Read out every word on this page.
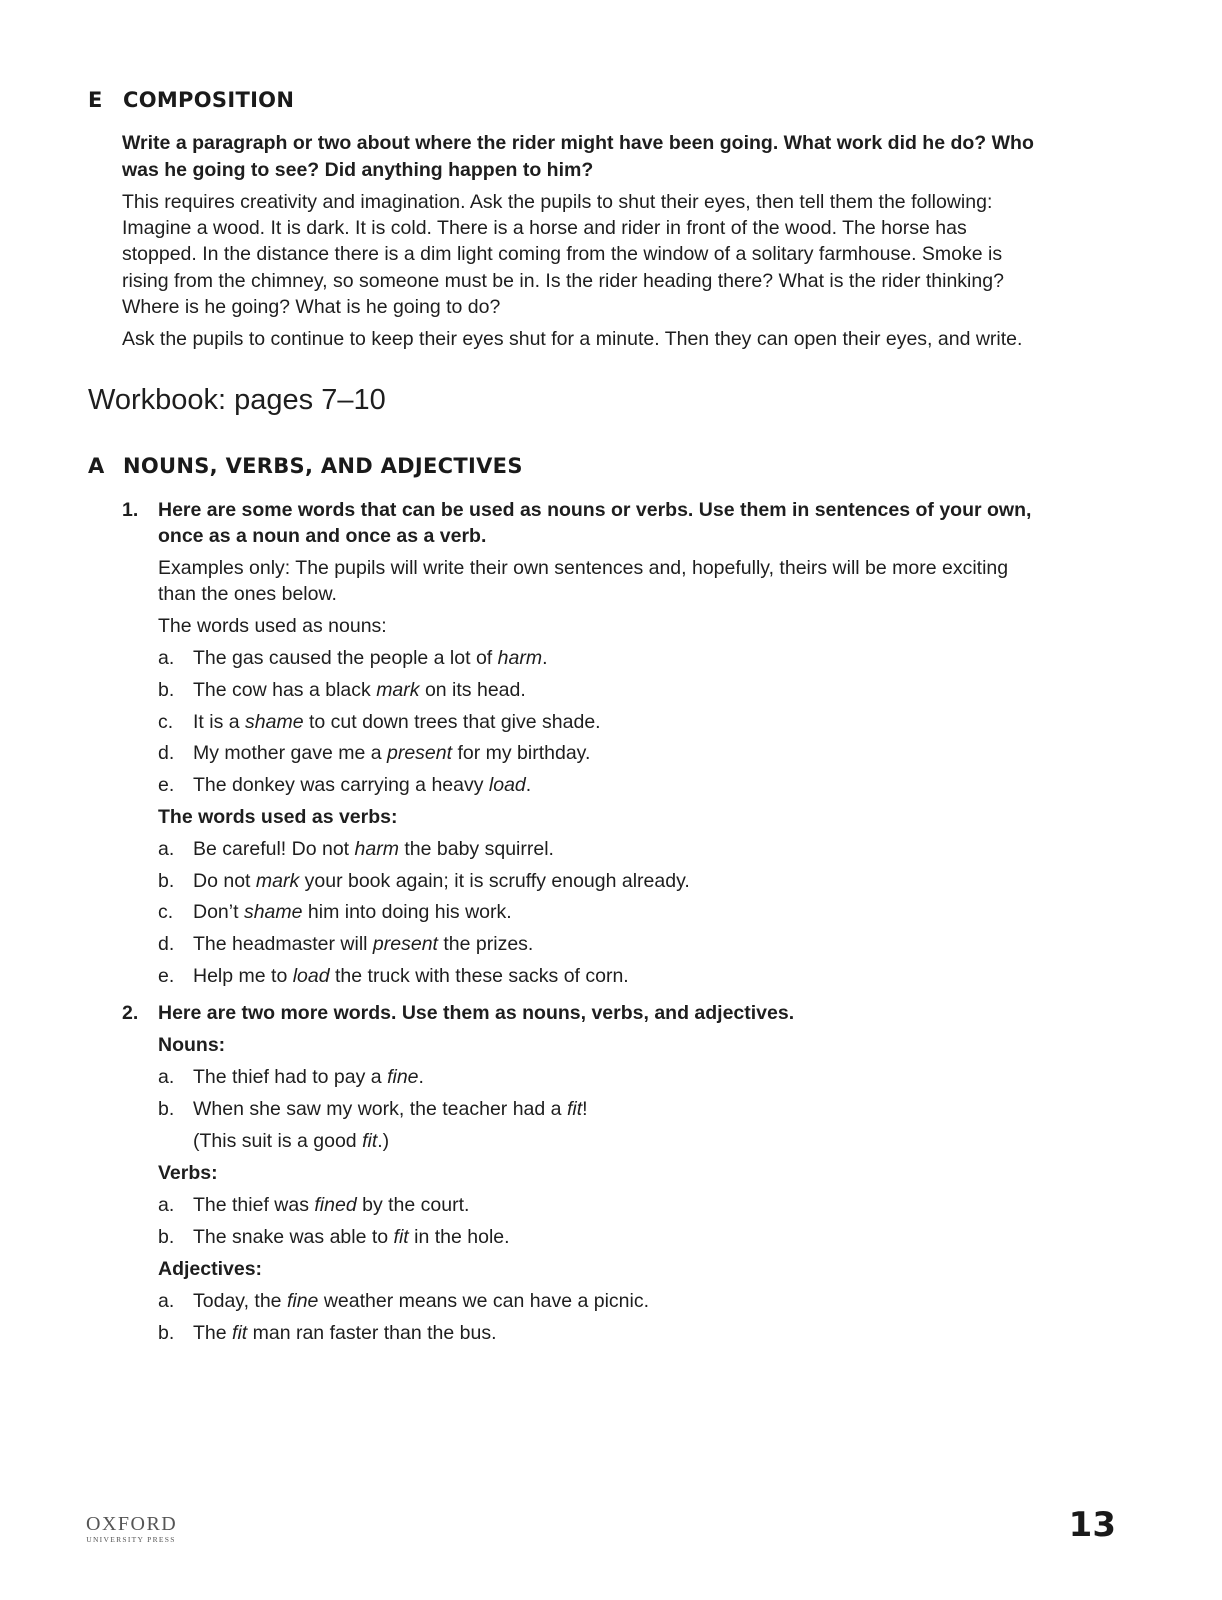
E COMPOSITION
Write a paragraph or two about where the rider might have been going. What work did he do? Who
was he going to see? Did anything happen to him?
This requires creativity and imagination. Ask the pupils to shut their eyes, then tell them the following:
Imagine a wood. It is dark. It is cold. There is a horse and rider in front of the wood. The horse has
stopped. In the distance there is a dim light coming from the window of a solitary farmhouse. Smoke is
rising from the chimney, so someone must be in. Is the rider heading there? What is the rider thinking?
Where is he going? What is he going to do?
Ask the pupils to continue to keep their eyes shut for a minute. Then they can open their eyes, and write.
Workbook: pages 7–10
A NOUNS, VERBS, AND ADJECTIVES
1. Here are some words that can be used as nouns or verbs. Use them in sentences of your own,
once as a noun and once as a verb.
Examples only: The pupils will write their own sentences and, hopefully, theirs will be more exciting
than the ones below.
The words used as nouns:
a. The gas caused the people a lot of harm.
b. The cow has a black mark on its head.
c. It is a shame to cut down trees that give shade.
d. My mother gave me a present for my birthday.
e. The donkey was carrying a heavy load.
The words used as verbs:
a. Be careful! Do not harm the baby squirrel.
b. Do not mark your book again; it is scruffy enough already.
c. Don’t shame him into doing his work.
d. The headmaster will present the prizes.
e. Help me to load the truck with these sacks of corn.
2. Here are two more words. Use them as nouns, verbs, and adjectives.
Nouns:
a. The thief had to pay a fine.
b. When she saw my work, the teacher had a fit!
(This suit is a good fit.)
Verbs:
a. The thief was fined by the court.
b. The snake was able to fit in the hole.
Adjectives:
a. Today, the fine weather means we can have a picnic.
b. The fit man ran faster than the bus.
OXFORD
UNIVERSITY PRESS	13
